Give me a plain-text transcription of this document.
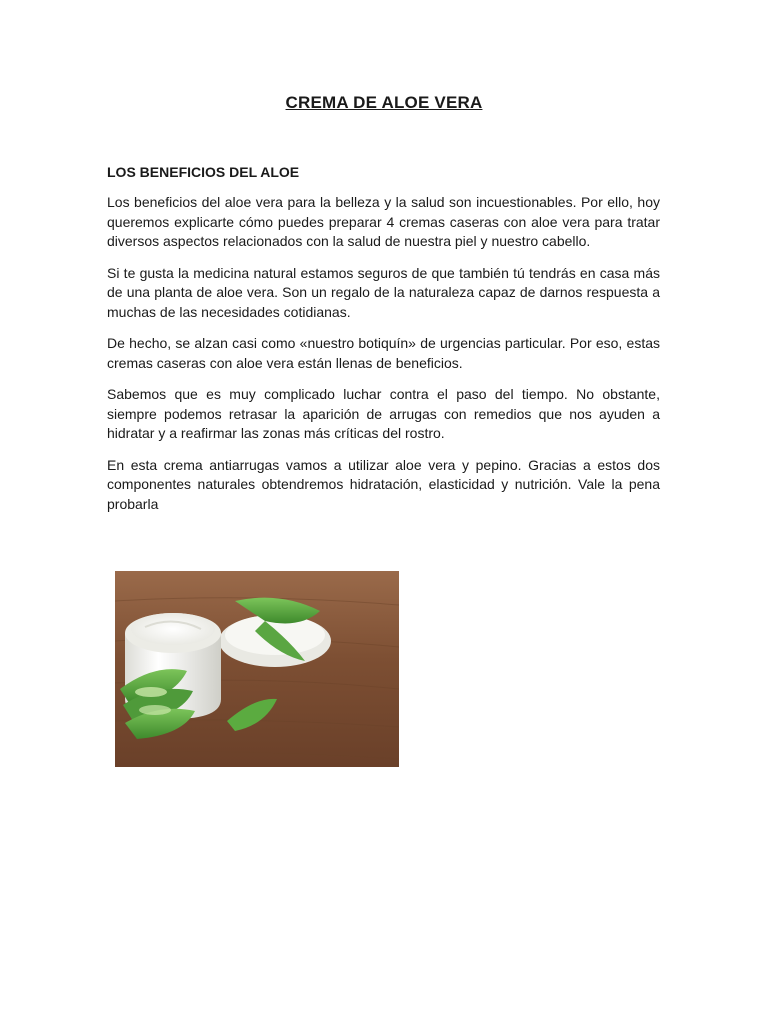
CREMA DE ALOE VERA
LOS BENEFICIOS DEL ALOE

Los beneficios del aloe vera para la belleza y la salud son incuestionables. Por ello, hoy queremos explicarte cómo puedes preparar 4 cremas caseras con aloe vera para tratar diversos aspectos relacionados con la salud de nuestra piel y nuestro cabello.

Si te gusta la medicina natural estamos seguros de que también tú tendrás en casa más de una planta de aloe vera. Son un regalo de la naturaleza capaz de darnos respuesta a muchas de las necesidades cotidianas.

De hecho, se alzan casi como «nuestro botiquín» de urgencias particular. Por eso, estas cremas caseras con aloe vera están llenas de beneficios.

Sabemos que es muy complicado luchar contra el paso del tiempo. No obstante, siempre podemos retrasar la aparición de arrugas con remedios que nos ayuden a hidratar y a reafirmar las zonas más críticas del rostro.

En esta crema antiarrugas vamos a utilizar aloe vera y pepino. Gracias a estos dos componentes naturales obtendremos hidratación, elasticidad y nutrición. Vale la pena probarla
